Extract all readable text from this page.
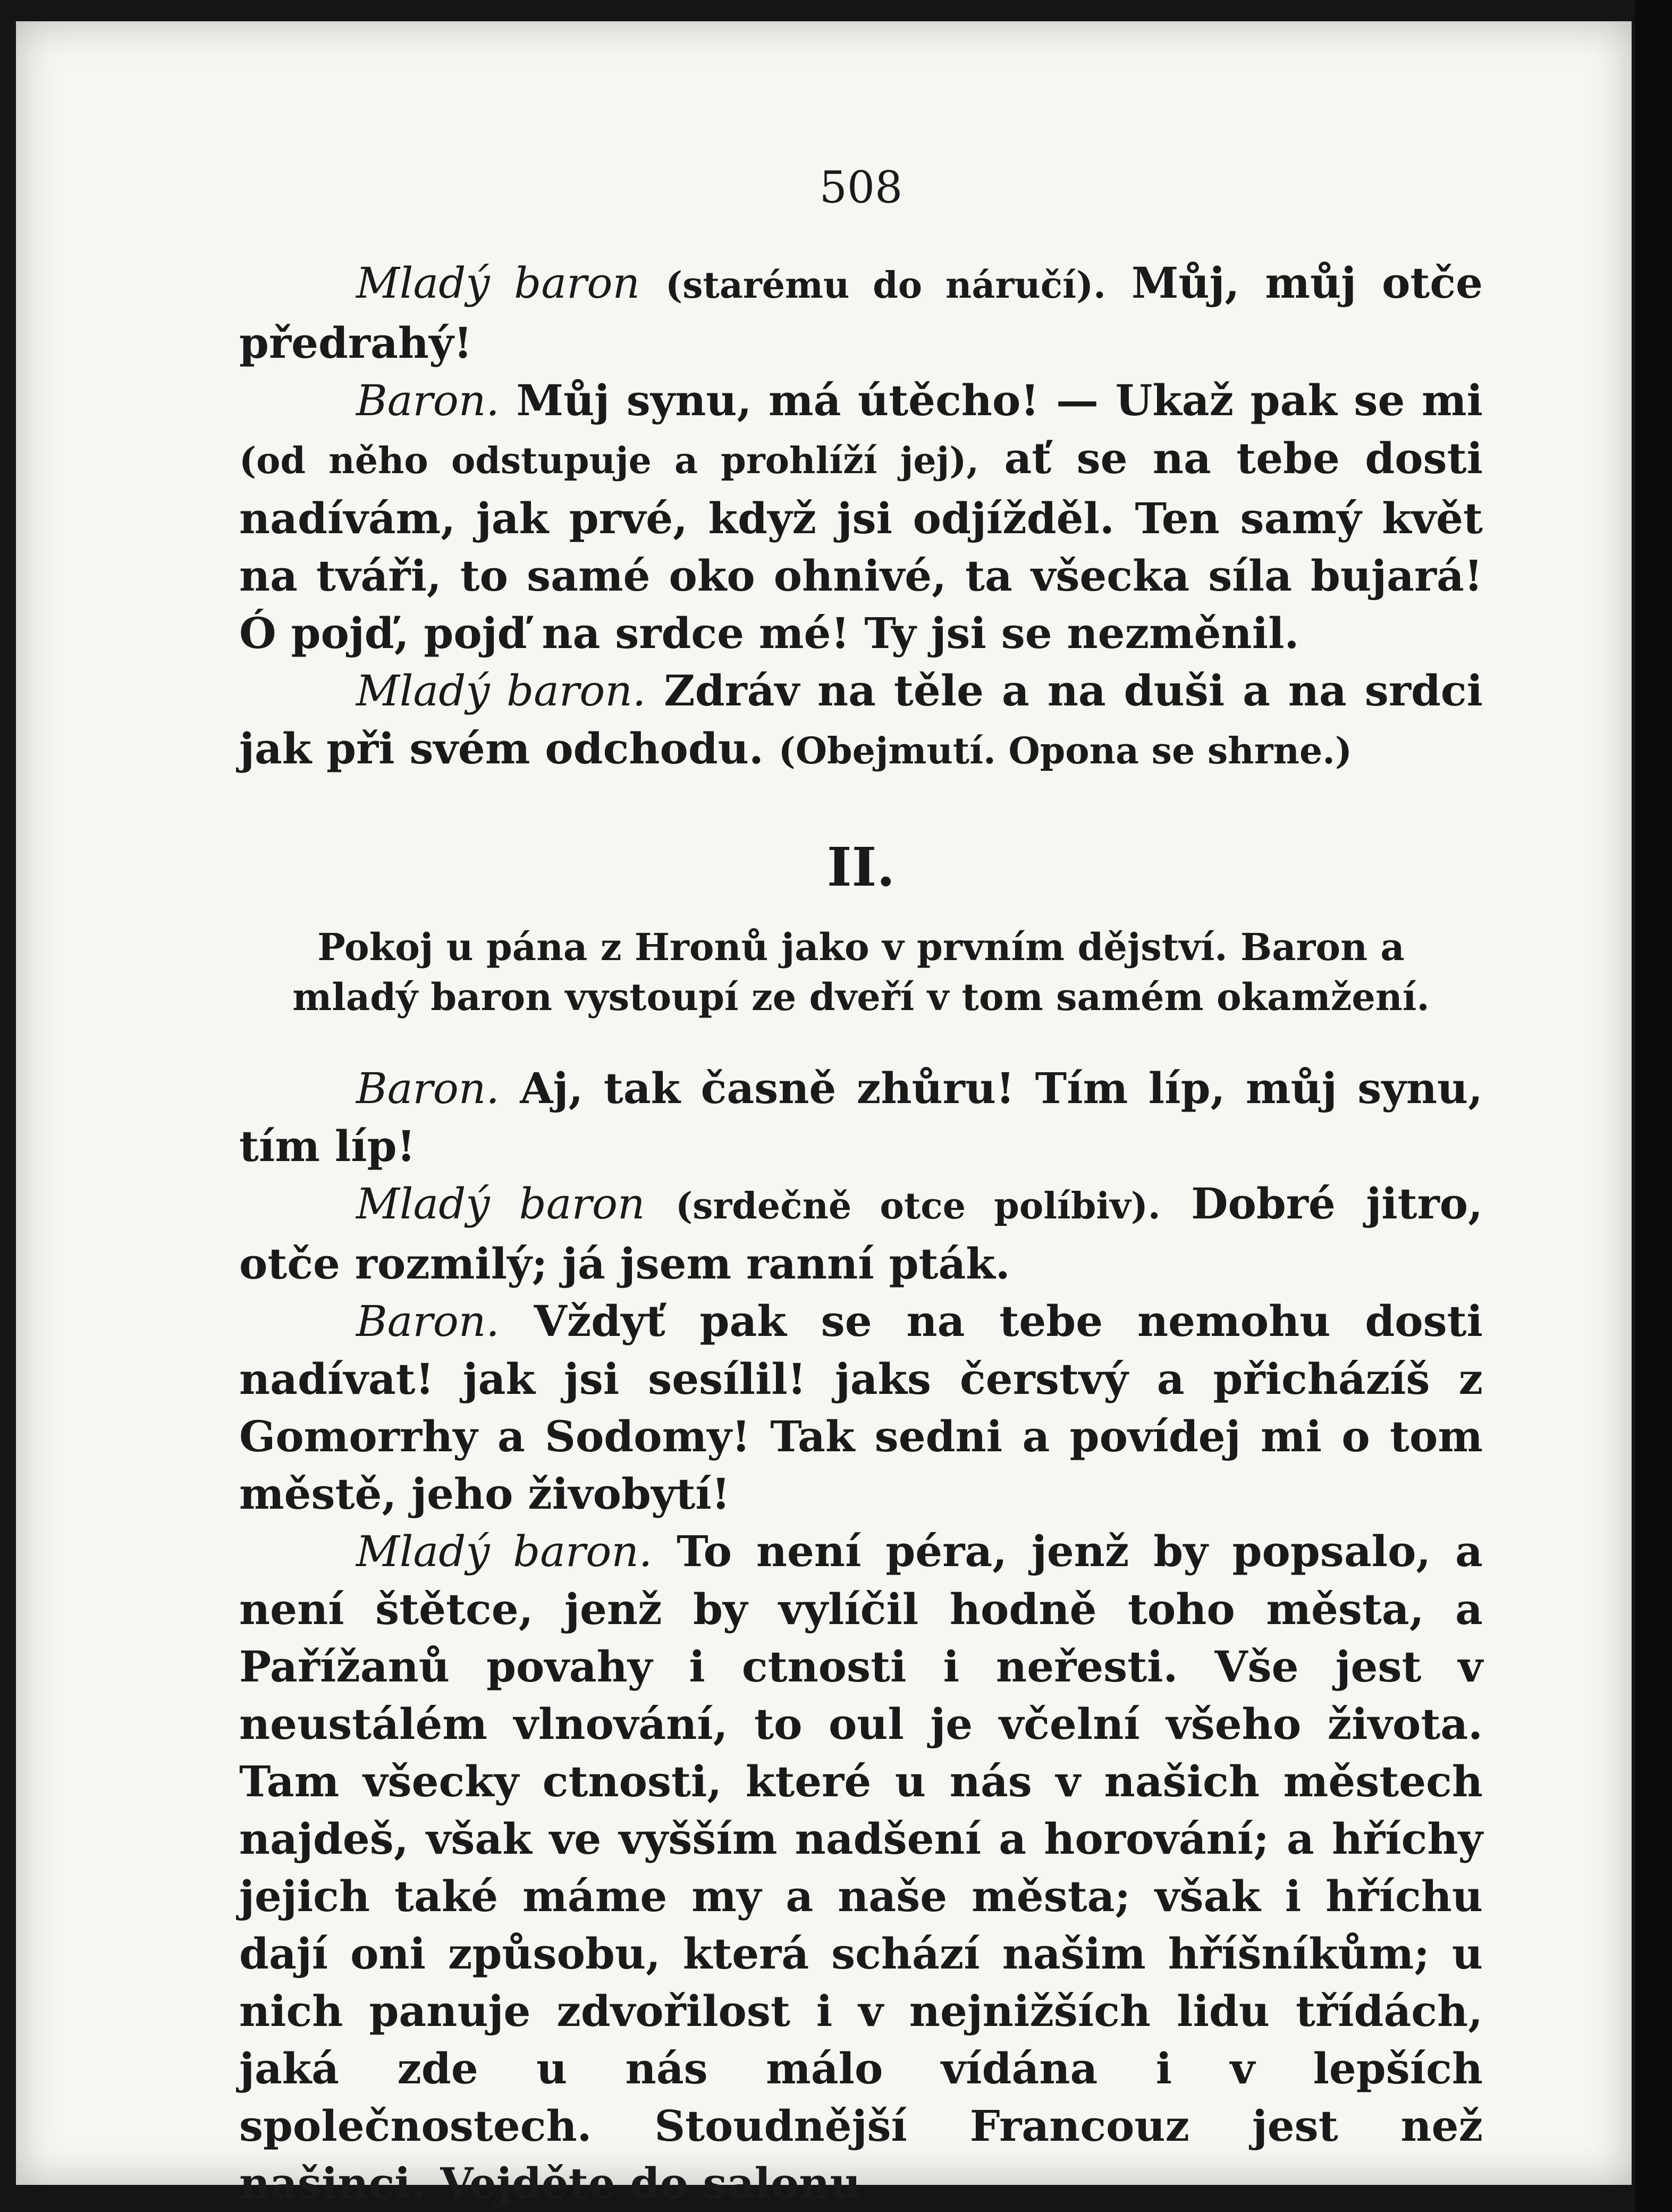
508

Mladý baron (starému do náručí). Můj, můj otče předrahý!

Baron. Můj synu, má útěcho! — Ukaž pak se mi (od něho odstupuje a prohlíží jej), ať se na tebe dosti nadívám, jak prvé, když jsi odjížděl. Ten samý květ na tváři, to samé oko ohnivé, ta všecka síla bujará! Ó pojď, pojď na srdce mé! Ty jsi se nezměnil.

Mladý baron. Zdráv na těle a na duši a na srdci jak při svém odchodu. (Obejmutí. Opona se shrne.)

II.
Pokoj u pána z Hronů jako v prvním dějství. Baron a mladý baron vystoupí ze dveří v tom samém okamžení.

Baron. Aj, tak časně zhůru! Tím líp, můj synu, tím líp!

Mladý baron (srdečně otce políbiv). Dobré jitro, otče rozmilý; já jsem ranní pták.

Baron. Vždyť pak se na tebe nemohu dosti nadívat! jak jsi sesílil! jaks čerstvý a přicházíš z Gomorrhy a Sodomy! Tak sedni a povídej mi o tom městě, jeho živobytí!

Mladý baron. To není péra, jenž by popsalo, a není štětce, jenž by vylíčil hodně toho města, a Pařížanů povahy i ctnosti i neřesti. Vše jest v neustálém vlnování, to oul je včelní všeho života. Tam všecky ctnosti, které u nás v našich městech najdeš, však ve vyšším nadšení a horování; a hříchy jejich také máme my a naše města; však i hříchu dají oni způsobu, která schází našim hříšníkům; u nich panuje zdvořilost i v nejnižších lidu třídách, jaká zde u nás málo vídána i v lepších společnostech. Stoudnější Francouz jest než našinci. Vejděte do salonu
